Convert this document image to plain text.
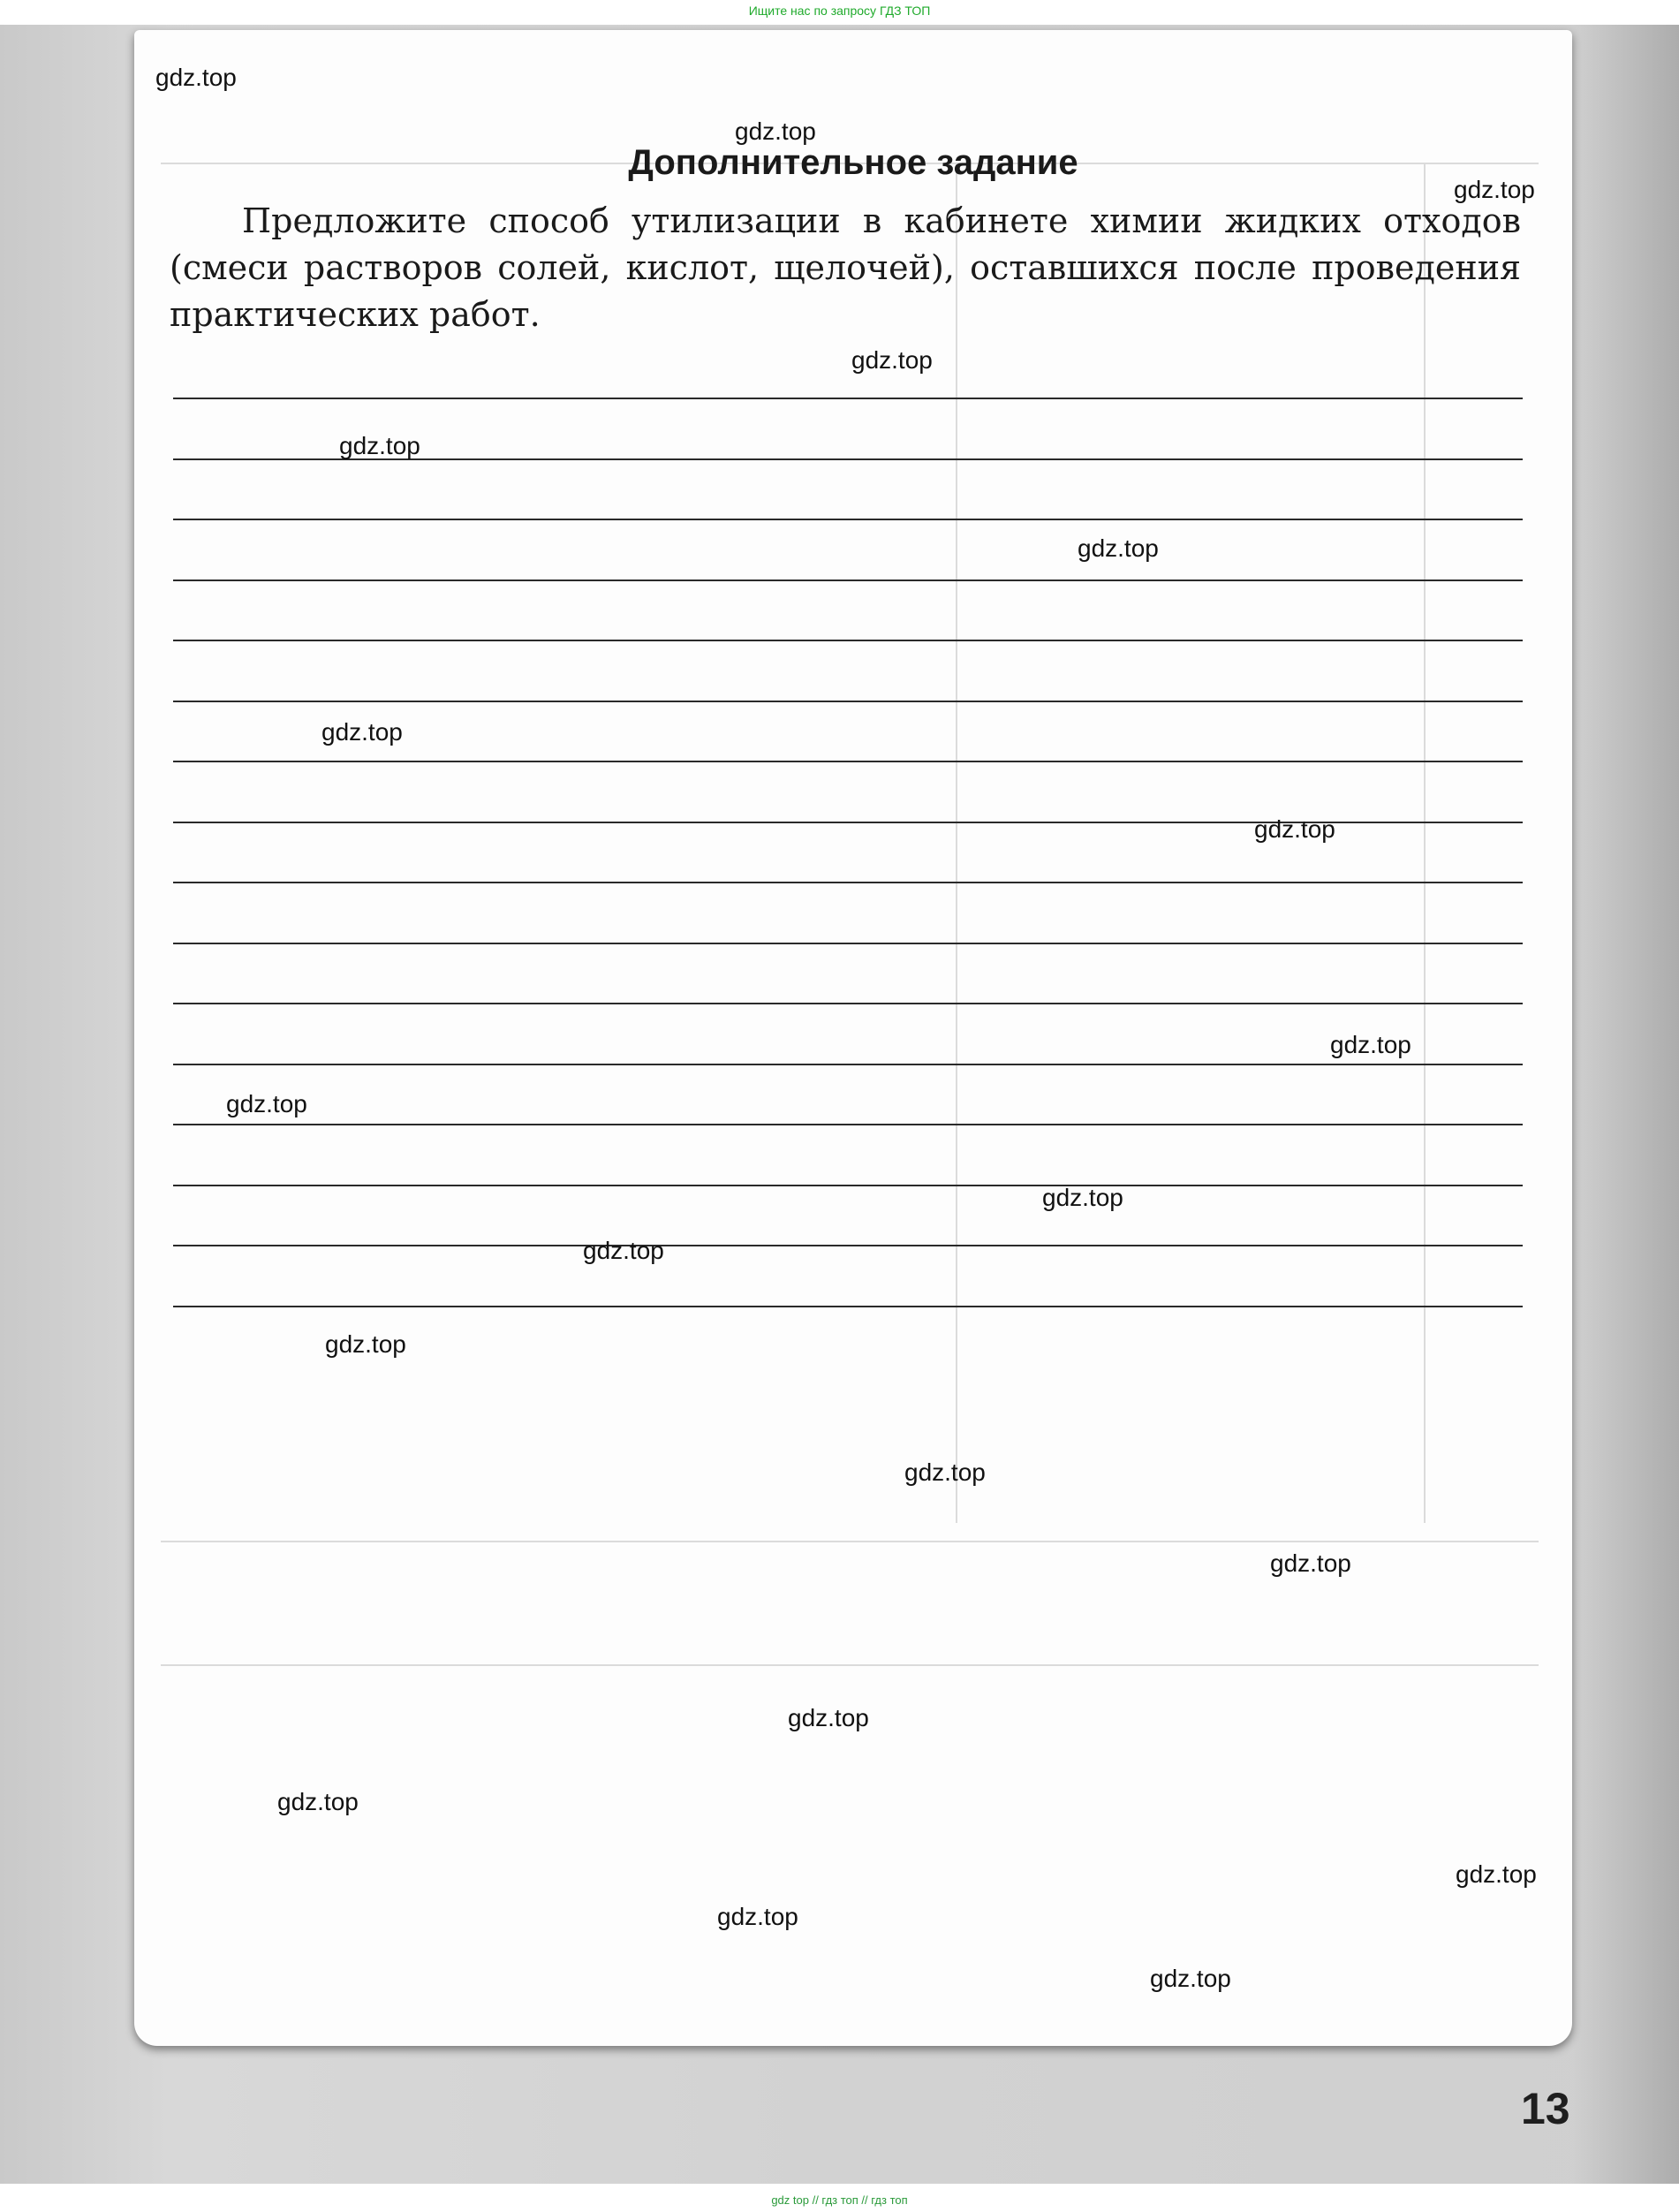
Ищите нас по запросу ГДЗ ТОП
Дополнительное задание
Предложите способ утилизации в кабинете химии жидких отходов (смеси растворов солей, кислот, щелочей), оставшихся после проведения практических работ.
gdz.top
gdz.top
gdz.top
gdz.top
gdz.top
gdz.top
gdz.top
gdz.top
gdz.top
gdz.top
gdz.top
gdz.top
gdz.top
gdz.top
gdz.top
gdz.top
gdz.top
gdz.top
gdz.top
gdz.top
13
gdz top // гдз топ // гдз топ
